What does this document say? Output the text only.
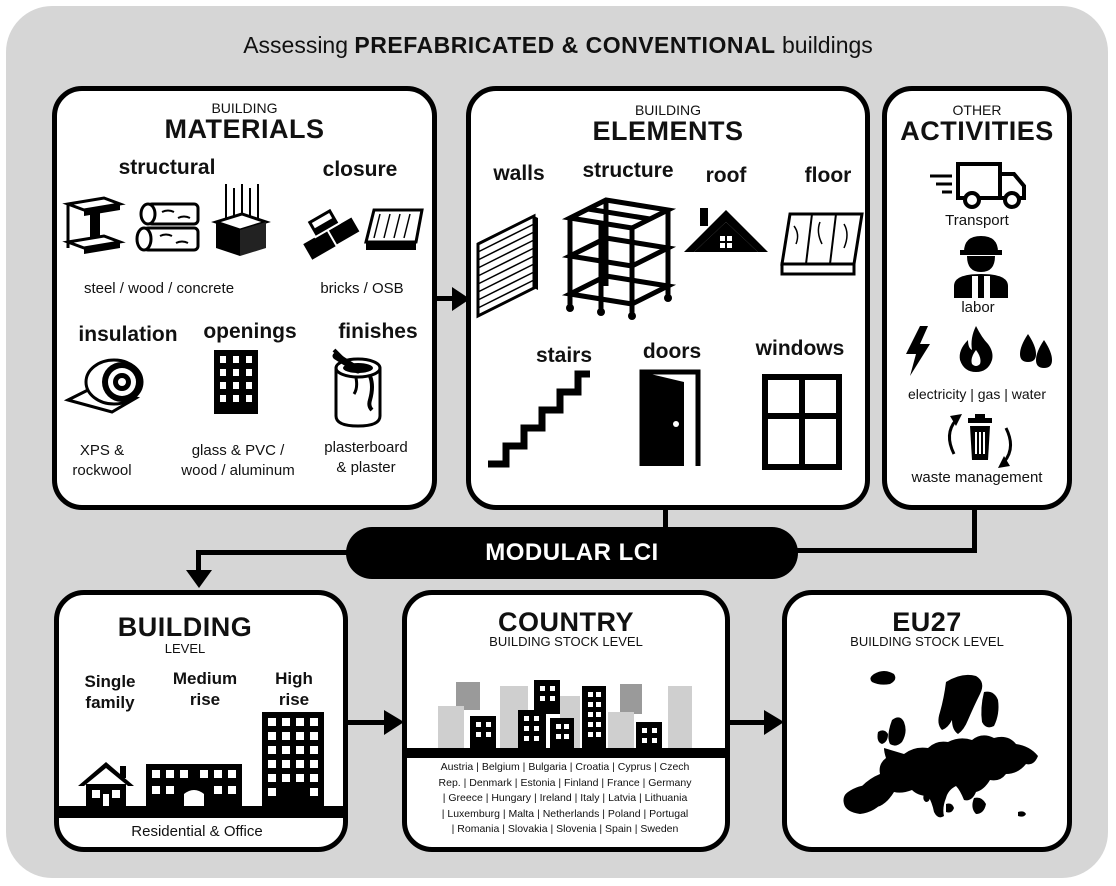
Assessing PREFABRICATED & CONVENTIONAL buildings
BUILDING
MATERIALS
structural	closure
steel / wood / concrete	bricks / OSB
insulation	openings	finishes
XPS &
rockwool
glass & PVC /
wood / aluminum
plasterboard
& plaster
BUILDING
ELEMENTS
walls	structure	roof	floor
stairs	doors	windows
OTHER
ACTIVITIES
Transport
labor
electricity | gas | water
waste management
MODULAR LCI
BUILDING
LEVEL
Single
family
Medium
rise
High
rise
Residential & Office
COUNTRY
BUILDING STOCK LEVEL
Austria | Belgium | Bulgaria | Croatia | Cyprus | Czech
Rep. | Denmark | Estonia | Finland | France | Germany
| Greece | Hungary | Ireland | Italy | Latvia | Lithuania
| Luxemburg | Malta | Netherlands | Poland | Portugal
| Romania | Slovakia | Slovenia | Spain | Sweden
EU27
BUILDING STOCK LEVEL
